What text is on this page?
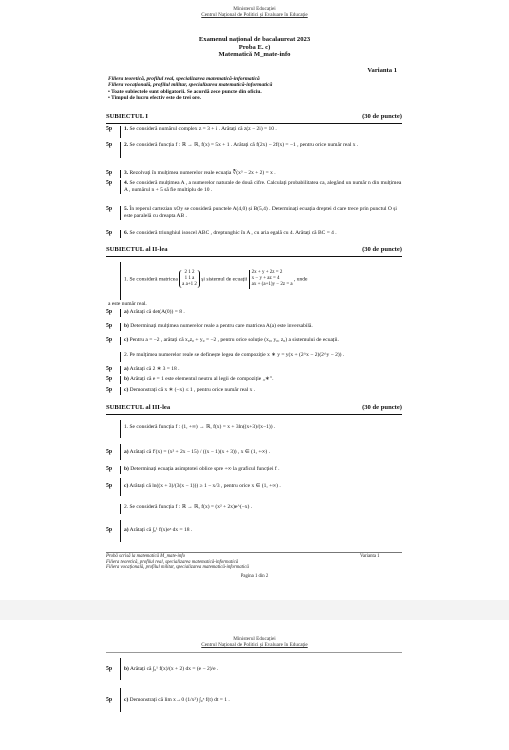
Ministerul Educației
Centrul Național de Politici și Evaluare în Educație
Examenul național de bacalaureat 2023
Proba E. c)
Matematică M_mate-info
Varianta 1
Filiera teoretică, profilul real, specializarea matematică-informatică
Filiera vocațională, profilul militar, specializarea matematică-informatică
• Toate subiectele sunt obligatorii. Se acordă zece puncte din oficiu.
• Timpul de lucru efectiv este de trei ore.
SUBIECTUL I	(30 de puncte)
5p	1. Se consideră numărul complex z = 3 + i . Arătați că z(z − 2i) = 10 .
5p	2. Se consideră funcția f : ℝ → ℝ, f(x) = 5x + 1 . Arătați că f(2x) − 2f(x) = −1 , pentru orice număr real x .
5p	3. Rezolvați în mulțimea numerelor reale ecuația ∛(x³ − 2x + 2) = x .
5p	4. Se consideră mulțimea A , a numerelor naturale de două cifre. Calculați probabilitatea ca, alegând un număr n din mulțimea A , numărul n + 5 să fie multiplu de 10 .
5p	5. În reperul cartezian xOy se consideră punctele A(4,0) și B(5,4) . Determinați ecuația dreptei d care trece prin punctul O și este paralelă cu dreapta AB .
5p	6. Se consideră triunghiul isoscel ABC , dreptunghic în A , cu aria egală cu 4. Arătați că BC = 4 .
SUBIECTUL al II-lea	(30 de puncte)
1. Se consideră matricea
2 1 2
1 1 a
a a+1 2
și sistemul de ecuații
2x + y + 2z = 2
x − y + az = 4
ax + (a+1)y − 2z = a
, unde
a este număr real.
5p	a) Arătați că det(A(0)) = 8 .
5p	b) Determinați mulțimea numerelor reale a pentru care matricea A(a) este inversabilă.
5p	c) Pentru a = −2 , arătați că x₀z₀ + y₀ = −2 , pentru orice soluție (x₀, y₀, z₀) a sistemului de ecuații.
2. Pe mulțimea numerelor reale se definește legea de compoziție x ∗ y = y(x + (2^x − 2)(2^y − 2)) .
5p	a) Arătați că 2 ∗ 3 = 18 .
5p	b) Arătați că e = 1 este elementul neutru al legii de compoziție „∗”.
5p	c) Demonstrați că x ∗ (−x) ≤ 1 , pentru orice număr real x .
SUBIECTUL al III-lea	(30 de puncte)
1. Se consideră funcția f : (1, +∞) → ℝ, f(x) = x + 3ln((x+3)/(x−1)) .
5p	a) Arătați că f′(x) = (x² + 2x − 15) / ((x − 1)(x + 3)) , x ∈ (1, +∞) .
5p	b) Determinați ecuația asimptotei oblice spre +∞ la graficul funcției f .
5p	c) Arătați că ln((x + 3)/(3(x − 1))) ≥ 1 − x/3 , pentru orice x ∈ (1, +∞) .
2. Se consideră funcția f : ℝ → ℝ, f(x) = (x² + 2x)e^(−x) .
5p	a) Arătați că ∫₀¹ f(x)eˣ dx = 18 .
Probă scrisă la matematică M_mate-info
Filiera teoretică, profilul real, specializarea matematică-informatică
Filiera vocațională, profilul militar, specializarea matematică-informatică
Varianta 1
Pagina 1 din 2
Ministerul Educației
Centrul Național de Politici și Evaluare în Educație
5p	b) Arătați că ∫₀¹ f(x)/(x + 2) dx = (e − 2)/e .
5p	c) Demonstrați că lim x→0 (1/x²) ∫₀ˣ f(t) dt = 1 .
